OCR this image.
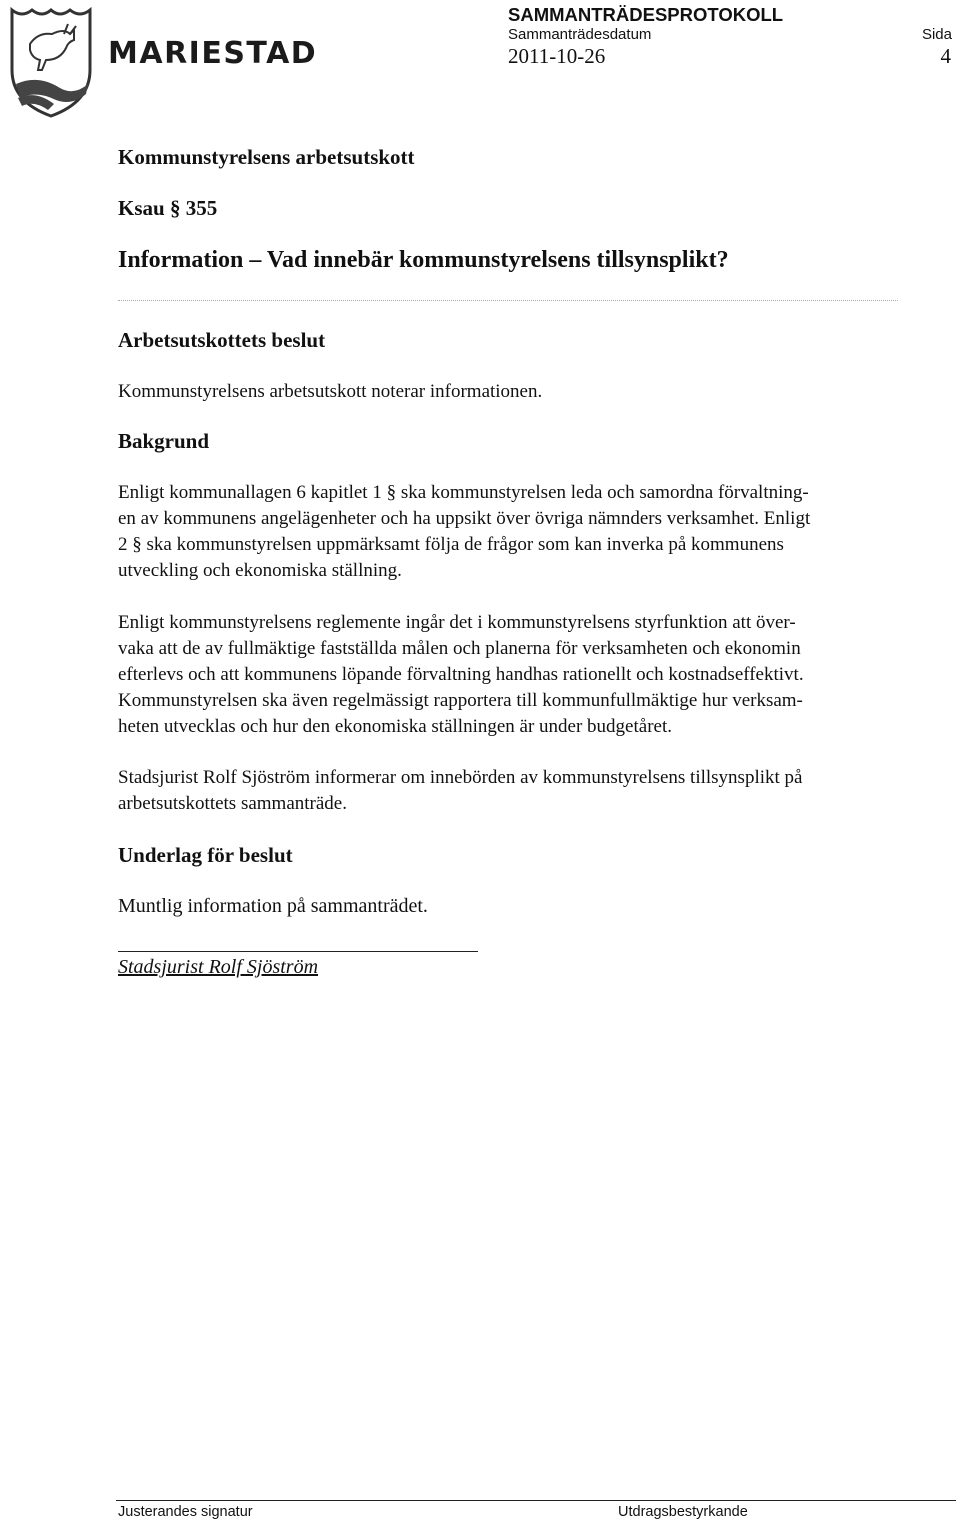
MARIESTAD
SAMMANTRÄDESPROTOKOLL
Sammanträdesdatum	Sida
2011-10-26	4
Kommunstyrelsens arbetsutskott
Ksau § 355
Information – Vad innebär kommunstyrelsens tillsynsplikt?
Arbetsutskottets beslut
Kommunstyrelsens arbetsutskott noterar informationen.
Bakgrund
Enligt kommunallagen 6 kapitlet 1 § ska kommunstyrelsen leda och samordna förvaltning-
en av kommunens angelägenheter och ha uppsikt över övriga nämnders verksamhet. Enligt
2 § ska kommunstyrelsen uppmärksamt följa de frågor som kan inverka på kommunens
utveckling och ekonomiska ställning.
Enligt kommunstyrelsens reglemente ingår det i kommunstyrelsens styrfunktion att över-
vaka att de av fullmäktige fastställda målen och planerna för verksamheten och ekonomin
efterlevs och att kommunens löpande förvaltning handhas rationellt och kostnadseffektivt.
Kommunstyrelsen ska även regelmässigt rapportera till kommunfullmäktige hur verksam-
heten utvecklas och hur den ekonomiska ställningen är under budgetåret.
Stadsjurist Rolf Sjöström informerar om innebörden av kommunstyrelsens tillsynsplikt på
arbetsutskottets sammanträde.
Underlag för beslut
Muntlig information på sammanträdet.
Stadsjurist Rolf Sjöström
Justerandes signatur	Utdragsbestyrkande
